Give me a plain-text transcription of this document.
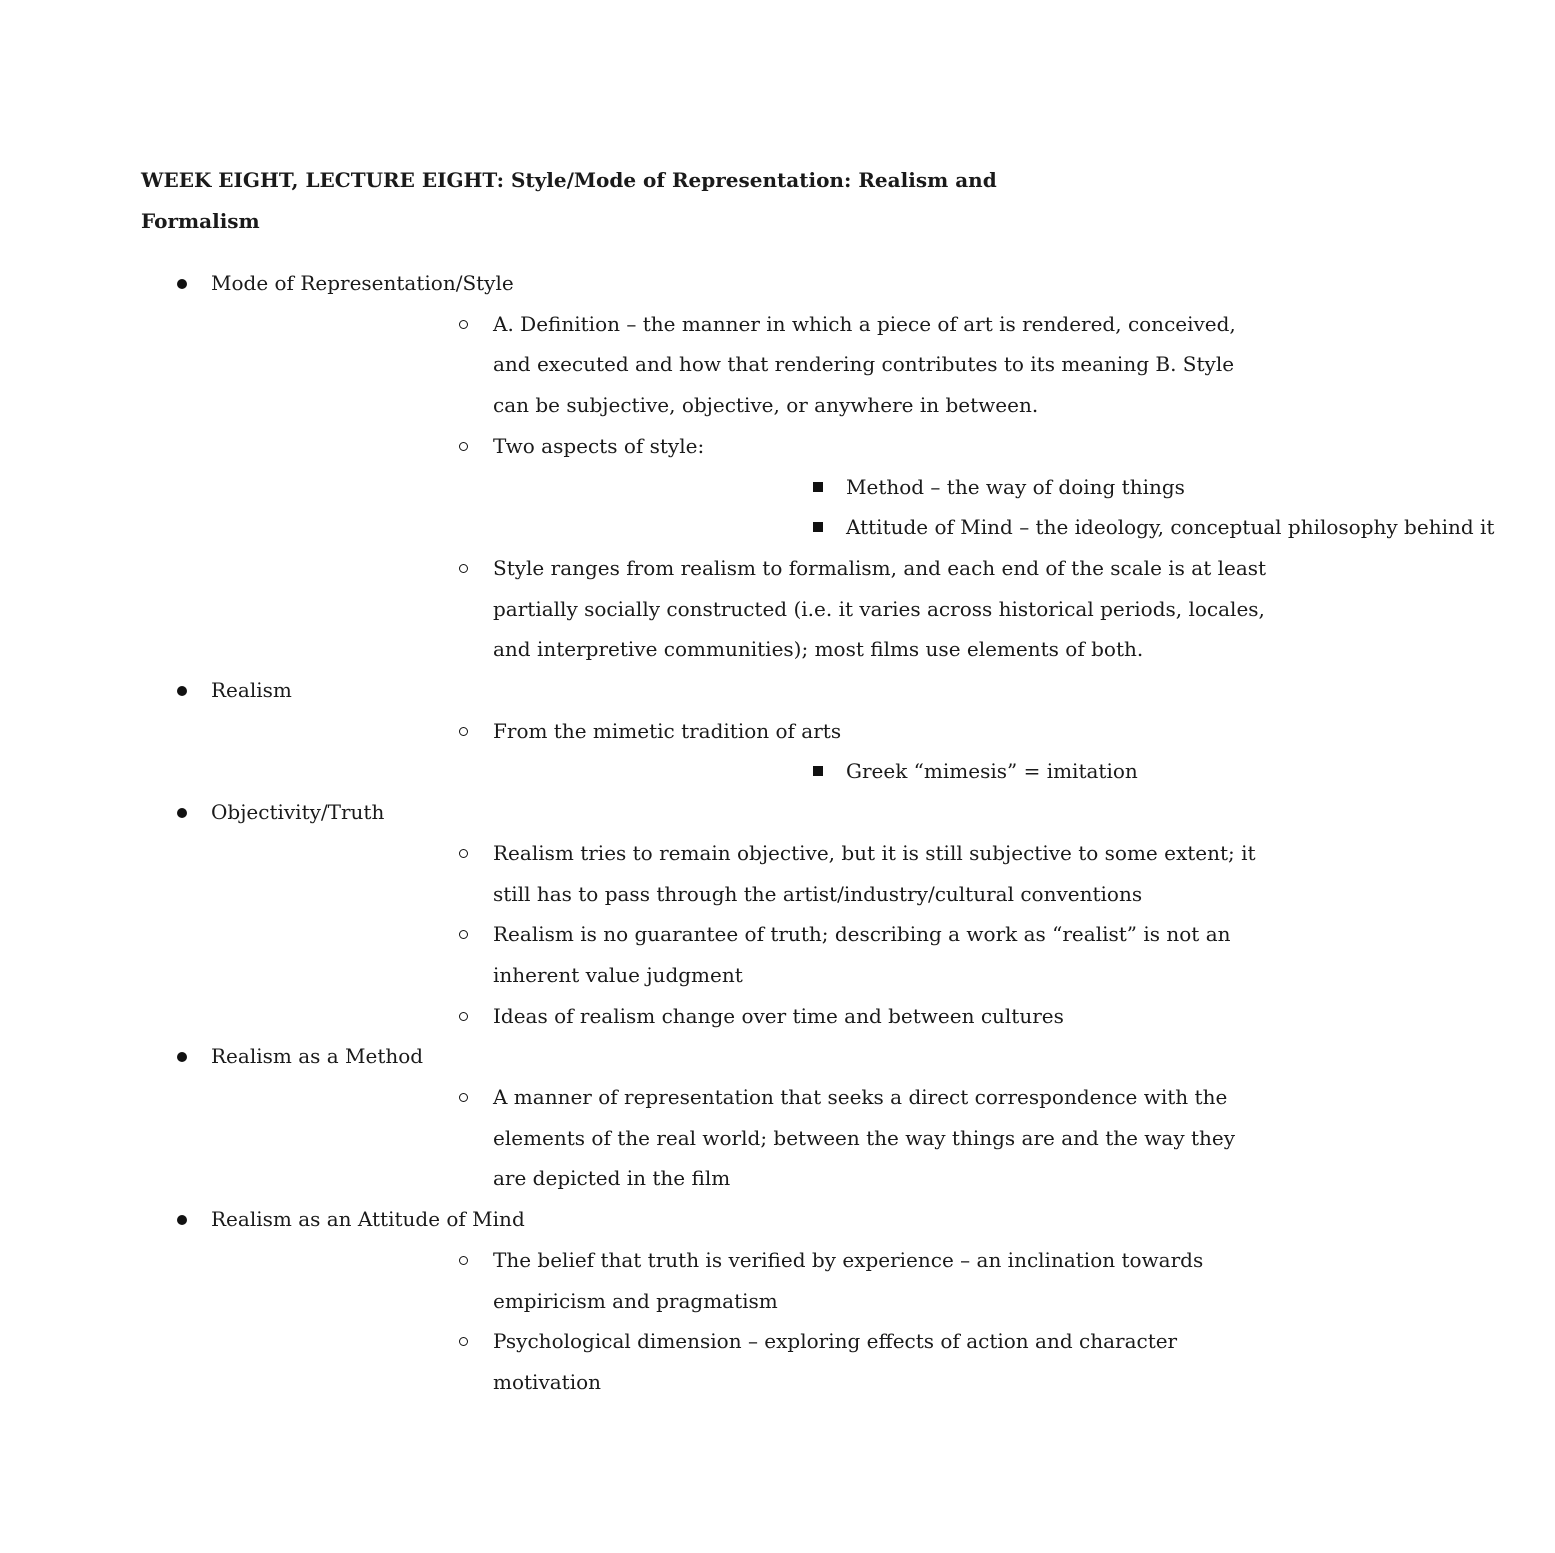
WEEK EIGHT, LECTURE EIGHT: Style/Mode of Representation: Realism and Formalism
Mode of Representation/Style
A. Definition – the manner in which a piece of art is rendered, conceived, and executed and how that rendering contributes to its meaning B. Style can be subjective, objective, or anywhere in between.
Two aspects of style:
Method – the way of doing things
Attitude of Mind – the ideology, conceptual philosophy behind it
Style ranges from realism to formalism, and each end of the scale is at least partially socially constructed (i.e. it varies across historical periods, locales, and interpretive communities); most films use elements of both.
Realism
From the mimetic tradition of arts
Greek “mimesis” = imitation
Objectivity/Truth
Realism tries to remain objective, but it is still subjective to some extent; it still has to pass through the artist/industry/cultural conventions
Realism is no guarantee of truth; describing a work as “realist” is not an inherent value judgment
Ideas of realism change over time and between cultures
Realism as a Method
A manner of representation that seeks a direct correspondence with the elements of the real world; between the way things are and the way they are depicted in the film
Realism as an Attitude of Mind
The belief that truth is verified by experience – an inclination towards empiricism and pragmatism
Psychological dimension – exploring effects of action and character motivation
